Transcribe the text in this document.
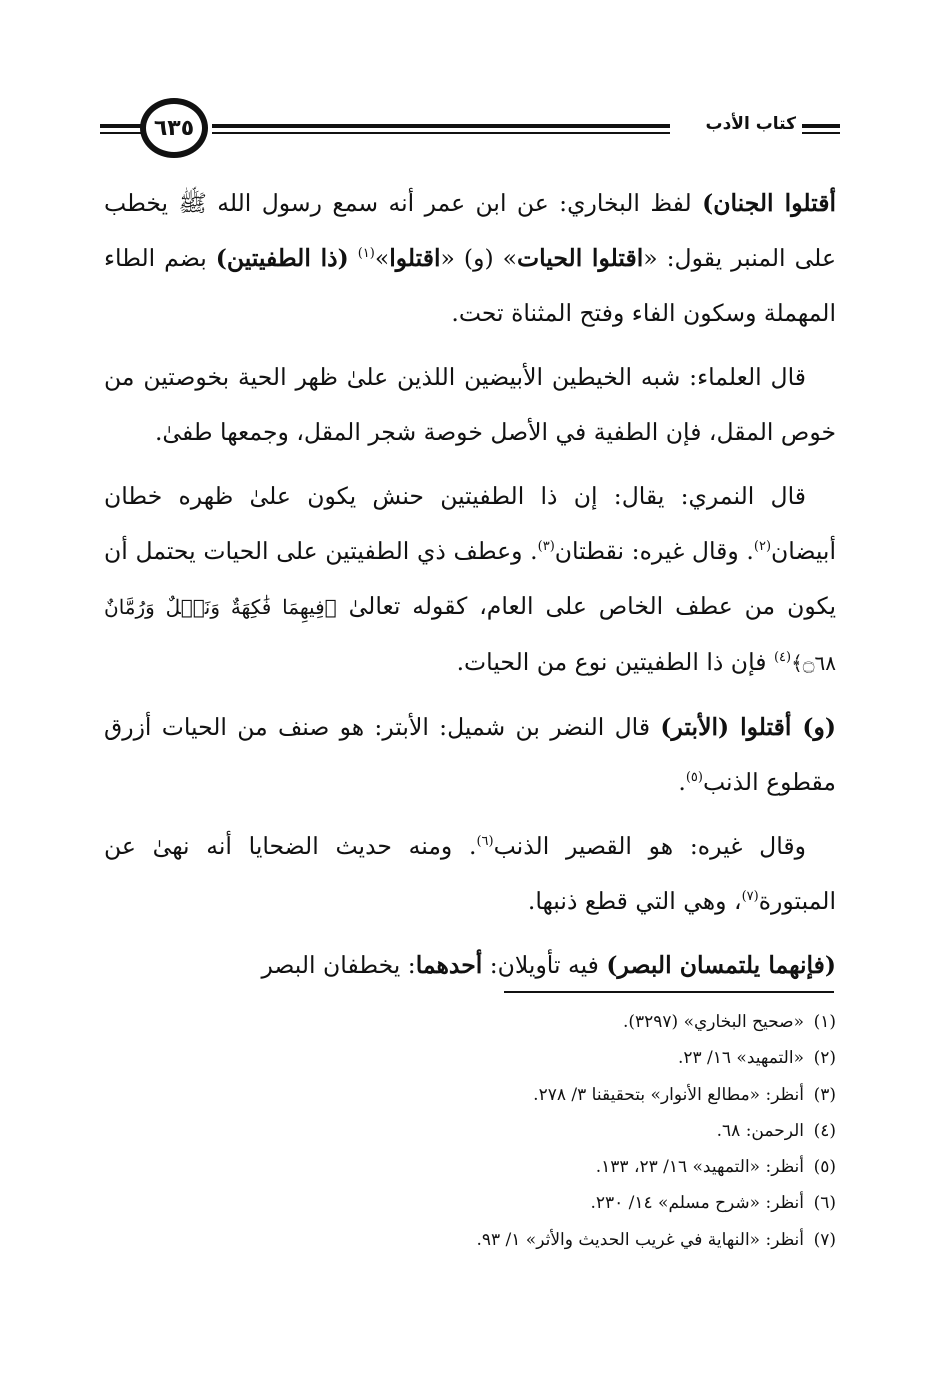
٦٣٥	كتاب الأدب

أقتلوا الجنان) لفظ البخاري: عن ابن عمر أنه سمع رسول الله ﷺ يخطب على المنبر يقول: «اقتلوا الحيات» (و) «اقتلوا»$^{(١)}$ (ذا الطفيتين) بضم الطاء المهملة وسكون الفاء وفتح المثناة تحت.

قال العلماء: شبه الخيطين الأبيضين اللذين علىٰ ظهر الحية بخوصتين من خوص المقل، فإن الطفية في الأصل خوصة شجر المقل، وجمعها طفىٰ.

قال النمري: يقال: إن ذا الطفيتين حنش يكون علىٰ ظهره خطان أبيضان$^{(٢)}$. وقال غيره: نقطتان$^{(٣)}$. وعطف ذي الطفيتين على الحيات يحتمل أن يكون من عطف الخاص على العام، كقوله تعالىٰ ﴿فِيهِمَا فَٰكِهَةٌ وَنَخۡلٌ وَرُمَّانٌ ۝٦٨﴾$^{(٤)}$ فإن ذا الطفيتين نوع من الحيات.

(و) أقتلوا (الأبتر) قال النضر بن شميل: الأبتر: هو صنف من الحيات أزرق مقطوع الذنب$^{(٥)}$.

وقال غيره: هو القصير الذنب$^{(٦)}$. ومنه حديث الضحايا أنه نهىٰ عن المبتورة$^{(٧)}$، وهي التي قطع ذنبها.

(فإنهما يلتمسان البصر) فيه تأويلان: أحدهما: يخطفان البصر

(١)«صحيح البخاري» (٣٢٩٧).
(٢)«التمهيد» ١٦/ ٢٣.
(٣)أنظر: «مطالع الأنوار» بتحقيقنا ٣/ ٢٧٨.
(٤)الرحمن: ٦٨.
(٥)أنظر: «التمهيد» ١٦/ ٢٣، ١٣٣.
(٦)أنظر: «شرح مسلم» ١٤/ ٢٣٠.
(٧)أنظر: «النهاية في غريب الحديث والأثر» ١/ ٩٣.
